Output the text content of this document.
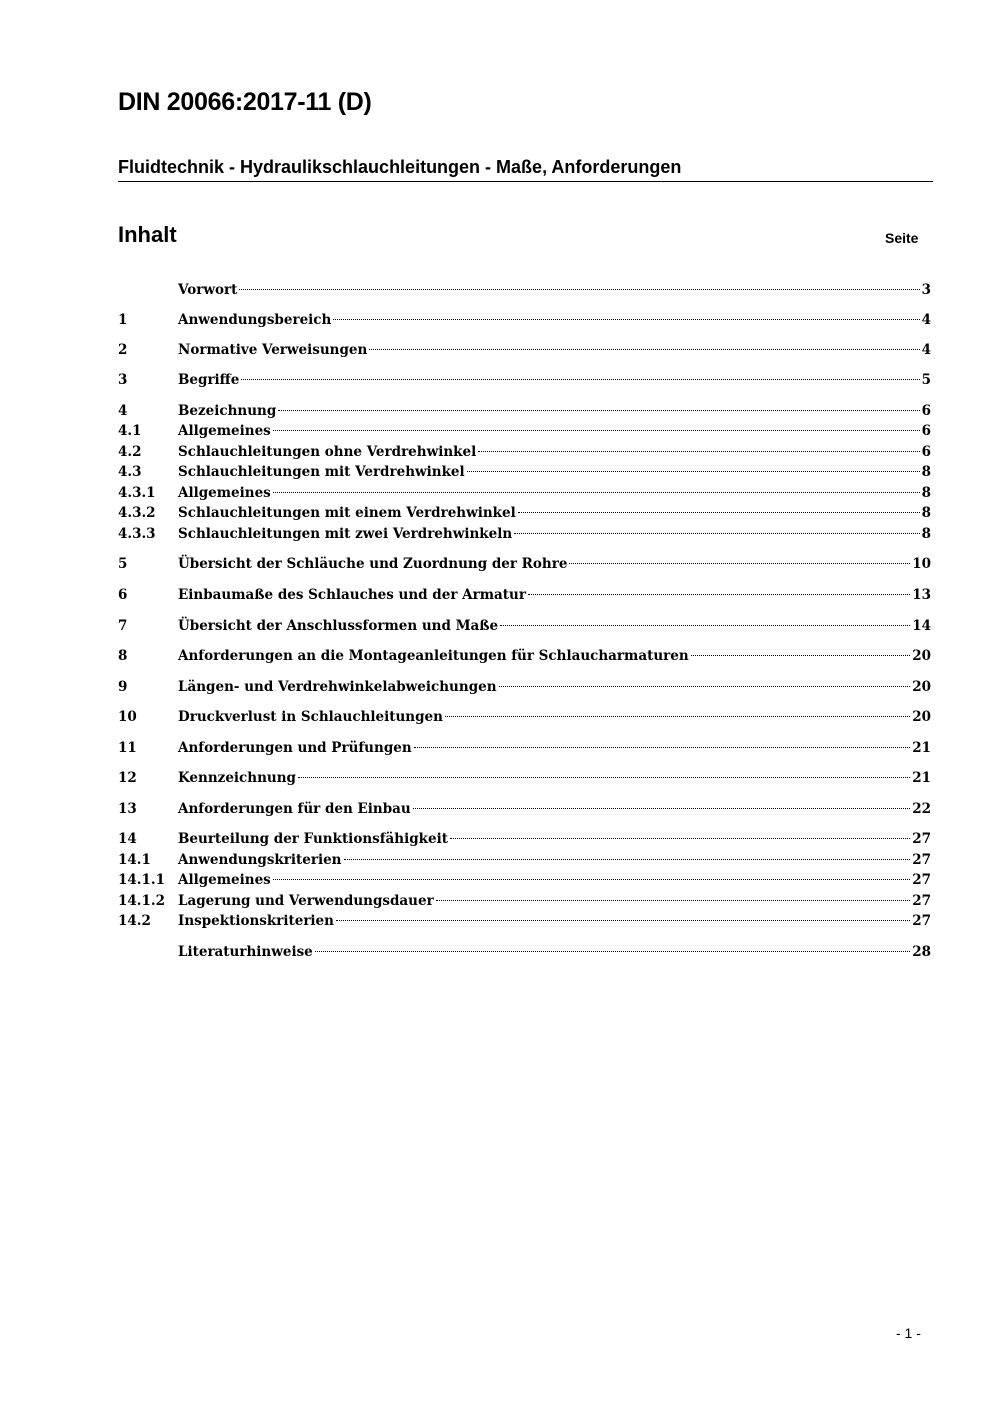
DIN 20066:2017-11 (D)
Fluidtechnik - Hydraulikschlauchleitungen - Maße, Anforderungen
Inhalt	Seite
Vorwort	3
1	Anwendungsbereich	4
2	Normative Verweisungen	4
3	Begriffe	5
4	Bezeichnung	6
4.1	Allgemeines	6
4.2	Schlauchleitungen ohne Verdrehwinkel	6
4.3	Schlauchleitungen mit Verdrehwinkel	8
4.3.1	Allgemeines	8
4.3.2	Schlauchleitungen mit einem Verdrehwinkel	8
4.3.3	Schlauchleitungen mit zwei Verdrehwinkeln	8
5	Übersicht der Schläuche und Zuordnung der Rohre	10
6	Einbaumaße des Schlauches und der Armatur	13
7	Übersicht der Anschlussformen und Maße	14
8	Anforderungen an die Montageanleitungen für Schlaucharmaturen	20
9	Längen- und Verdrehwinkelabweichungen	20
10	Druckverlust in Schlauchleitungen	20
11	Anforderungen und Prüfungen	21
12	Kennzeichnung	21
13	Anforderungen für den Einbau	22
14	Beurteilung der Funktionsfähigkeit	27
14.1	Anwendungskriterien	27
14.1.1 Allgemeines	27
14.1.2 Lagerung und Verwendungsdauer	27
14.2	Inspektionskriterien	27
Literaturhinweise	28
- 1 -
